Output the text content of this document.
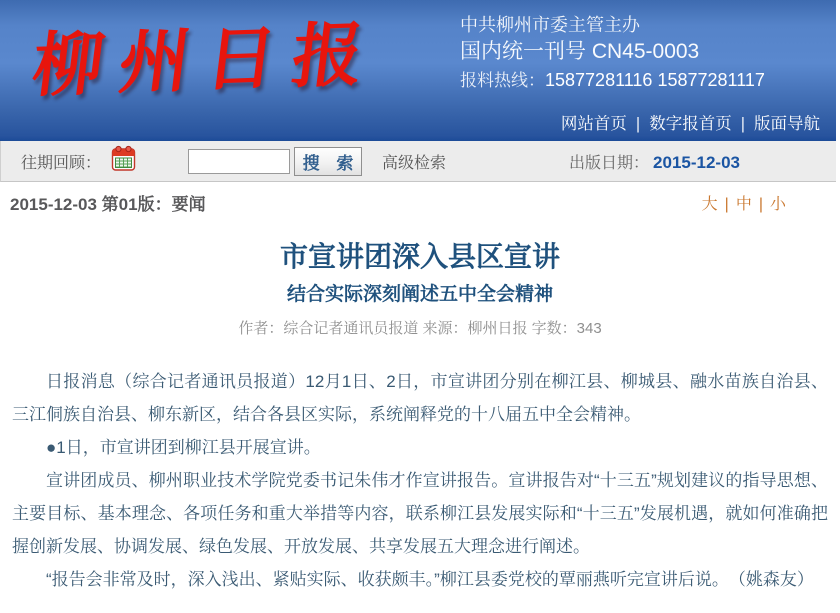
柳州日报	中共柳州市委主管主办
国内统一刊号 CN45-0003
报料热线：15877281116 15877281117
网站首页 | 数字报首页 | 版面导航
往期回顾：	搜 索 高级检索	出版日期： 2015-12-03
2015-12-03 第01版：要闻	大 | 中 | 小
市宣讲团深入县区宣讲
结合实际深刻阐述五中全会精神
作者：综合记者通讯员报道 来源：柳州日报 字数：343

日报消息（综合记者通讯员报道）12月1日、2日，市宣讲团分别在柳江县、柳城县、融水苗族自治县、三江侗族自治县、柳东新区，结合各县区实际，系统阐释党的十八届五中全会精神。

●1日，市宣讲团到柳江县开展宣讲。

宣讲团成员、柳州职业技术学院党委书记朱伟才作宣讲报告。宣讲报告对“十三五”规划建议的指导思想、主要目标、基本理念、各项任务和重大举措等内容，联系柳江县发展实际和“十三五”发展机遇，就如何准确把握创新发展、协调发展、绿色发展、开放发展、共享发展五大理念进行阐述。

“报告会非常及时，深入浅出、紧贴实际、收获颇丰。”柳江县委党校的覃丽燕听完宣讲后说。　（姚森友）
